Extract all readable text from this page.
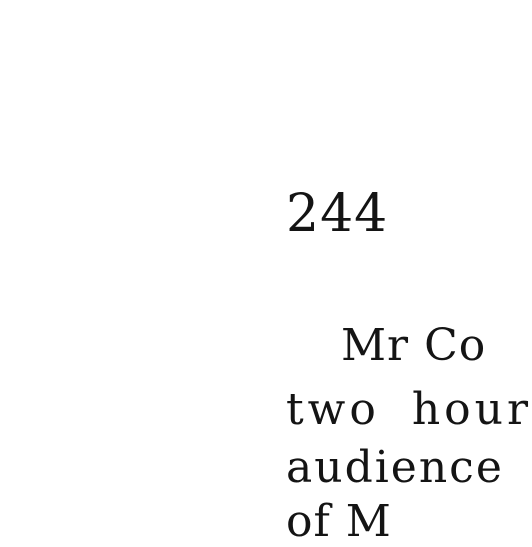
244
Mr Co
two hour
audience
of M
